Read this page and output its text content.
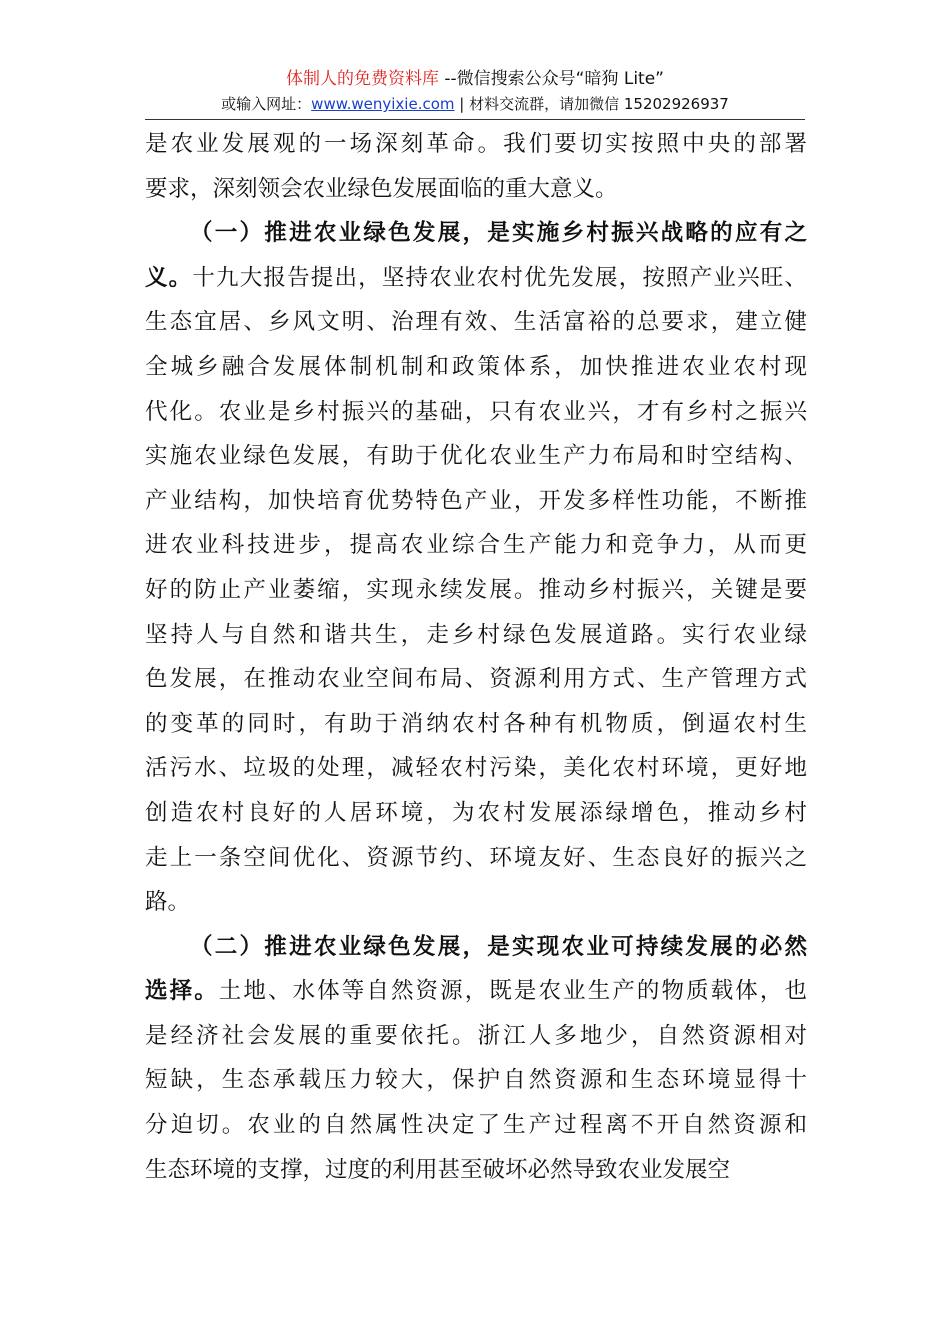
体制人的免费资料库 --微信搜索公众号“暗狗 Lite”
或输入网址：www.wenyixie.com | 材料交流群，请加微信 15202926937
是农业发展观的一场深刻革命。我们要切实按照中央的部署
要求，深刻领会农业绿色发展面临的重大意义。
（一）推进农业绿色发展，是实施乡村振兴战略的应有之
义。十九大报告提出，坚持农业农村优先发展，按照产业兴旺、
生态宜居、乡风文明、治理有效、生活富裕的总要求，建立健
全城乡融合发展体制机制和政策体系，加快推进农业农村现
代化。农业是乡村振兴的基础，只有农业兴，才有乡村之振兴
实施农业绿色发展，有助于优化农业生产力布局和时空结构、
产业结构，加快培育优势特色产业，开发多样性功能，不断推
进农业科技进步，提高农业综合生产能力和竞争力，从而更
好的防止产业萎缩，实现永续发展。推动乡村振兴，关键是要
坚持人与自然和谐共生，走乡村绿色发展道路。实行农业绿
色发展，在推动农业空间布局、资源利用方式、生产管理方式
的变革的同时，有助于消纳农村各种有机物质，倒逼农村生
活污水、垃圾的处理，减轻农村污染，美化农村环境，更好地
创造农村良好的人居环境，为农村发展添绿增色，推动乡村
走上一条空间优化、资源节约、环境友好、生态良好的振兴之
路。
（二）推进农业绿色发展，是实现农业可持续发展的必然
选择。土地、水体等自然资源，既是农业生产的物质载体，也
是经济社会发展的重要依托。浙江人多地少，自然资源相对
短缺，生态承载压力较大，保护自然资源和生态环境显得十
分迫切。农业的自然属性决定了生产过程离不开自然资源和
生态环境的支撑，过度的利用甚至破坏必然导致农业发展空
